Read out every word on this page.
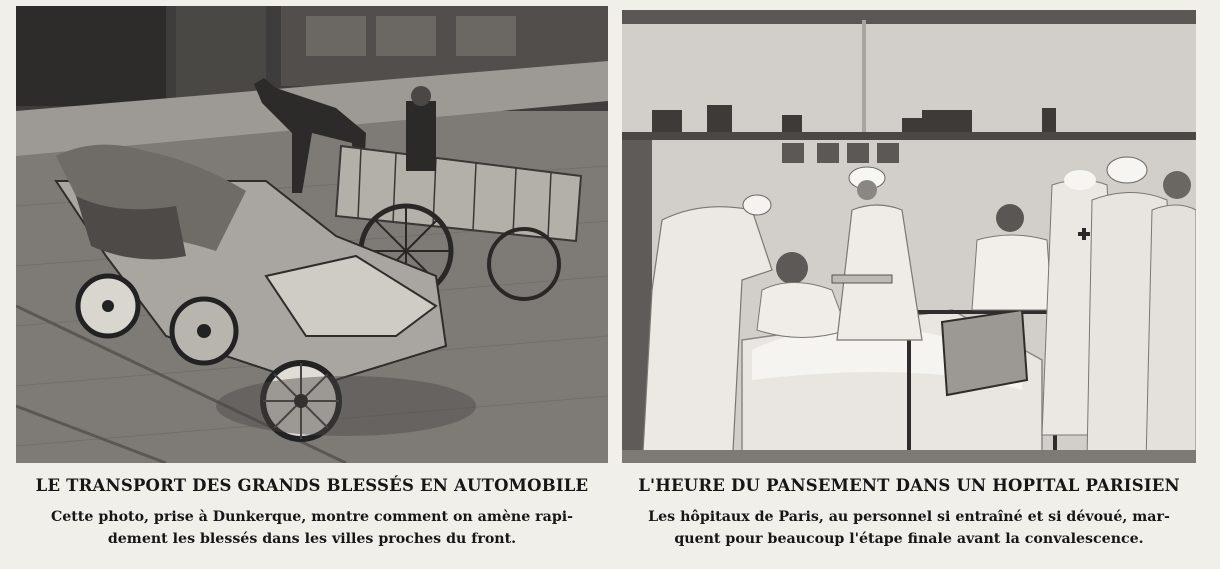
LE TRANSPORT DES GRANDS BLESSÉS EN AUTOMOBILE
Cette photo, prise à Dunkerque, montre comment on amène rapi-
dement les blessés dans les villes proches du front.
L'HEURE DU PANSEMENT DANS UN HOPITAL PARISIEN
Les hôpitaux de Paris, au personnel si entraîné et si dévoué, mar-
quent pour beaucoup l'étape finale avant la convalescence.
